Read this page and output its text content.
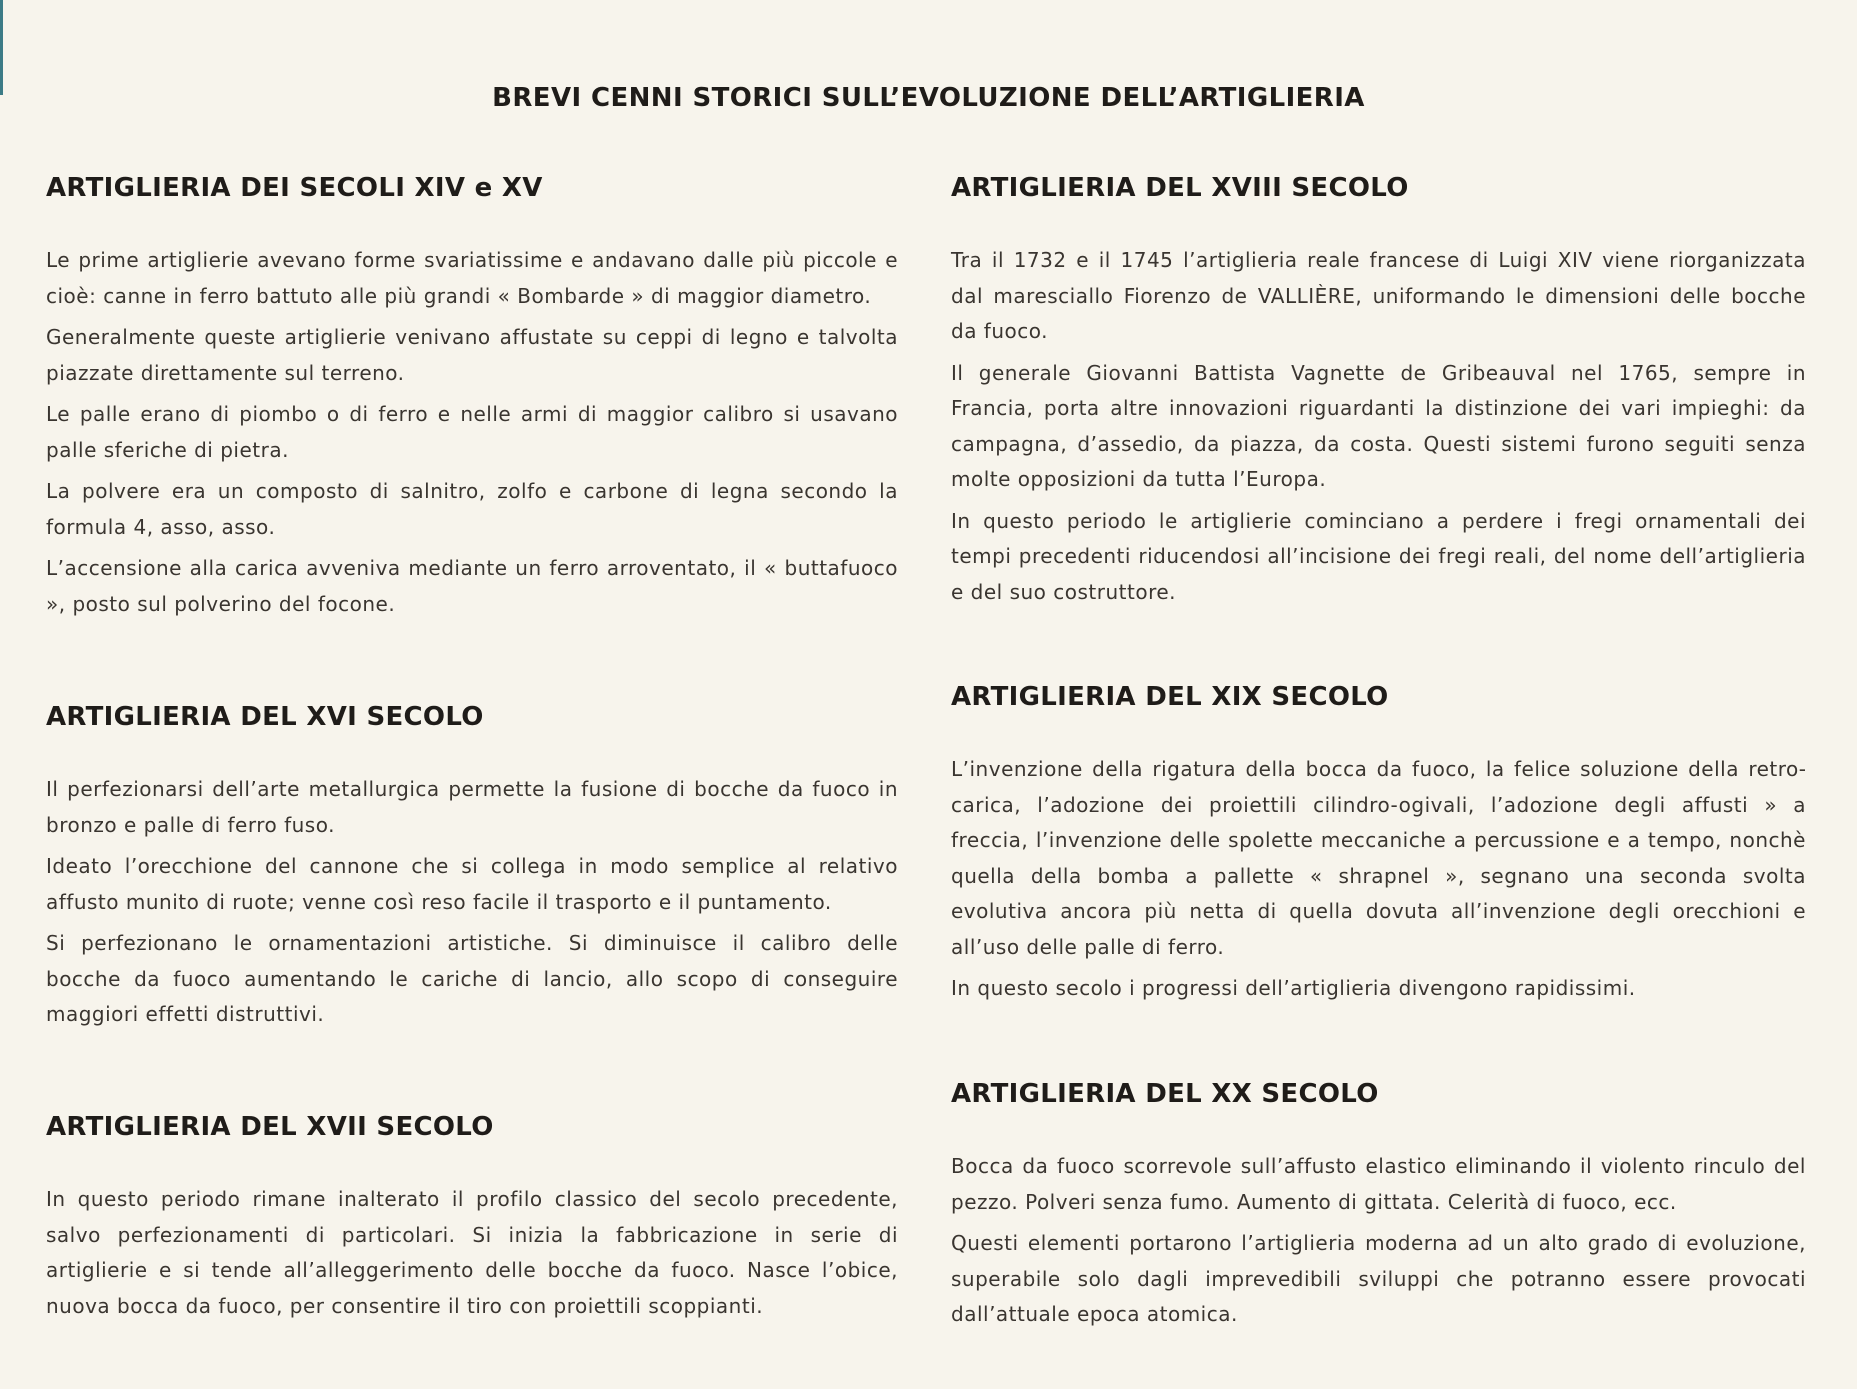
BREVI CENNI STORICI SULL’EVOLUZIONE DELL’ARTIGLIERIA
ARTIGLIERIA DEI SECOLI XIV e XV

Le prime artiglierie avevano forme svariatissime e andavano dalle più piccole e cioè: canne in ferro battuto alle più grandi « Bombarde » di maggior diametro.

Generalmente queste artiglierie venivano affustate su ceppi di legno e talvolta piazzate direttamente sul terreno.

Le palle erano di piombo o di ferro e nelle armi di maggior calibro si usavano palle sferiche di pietra.

La polvere era un composto di salnitro, zolfo e carbone di legna secondo la formula 4, asso, asso.

L’accensione alla carica avveniva mediante un ferro arroventato, il « buttafuoco », posto sul polverino del focone.

ARTIGLIERIA DEL XVI SECOLO

Il perfezionarsi dell’arte metallurgica permette la fusione di bocche da fuoco in bronzo e palle di ferro fuso.

Ideato l’orecchione del cannone che si collega in modo semplice al relativo affusto munito di ruote; venne così reso facile il trasporto e il puntamento.

Si perfezionano le ornamentazioni artistiche. Si diminuisce il calibro delle bocche da fuoco aumentando le cariche di lancio, allo scopo di conseguire maggiori effetti distruttivi.

ARTIGLIERIA DEL XVII SECOLO

In questo periodo rimane inalterato il profilo classico del secolo precedente, salvo perfezionamenti di particolari. Si inizia la fabbricazione in serie di artiglierie e si tende all’alleggerimento delle bocche da fuoco. Nasce l’obice, nuova bocca da fuoco, per consentire il tiro con proiettili scoppianti.

ARTIGLIERIA DEL XVIII SECOLO

Tra il 1732 e il 1745 l’artiglieria reale francese di Luigi XIV viene riorganizzata dal maresciallo Fiorenzo de VALLIÈRE, uniformando le dimensioni delle bocche da fuoco.

Il generale Giovanni Battista Vagnette de Gribeauval nel 1765, sempre in Francia, porta altre innovazioni riguardanti la distinzione dei vari impieghi: da campagna, d’assedio, da piazza, da costa. Questi sistemi furono seguiti senza molte opposizioni da tutta l’Europa.

In questo periodo le artiglierie cominciano a perdere i fregi ornamentali dei tempi precedenti riducendosi all’incisione dei fregi reali, del nome dell’artiglieria e del suo costruttore.

ARTIGLIERIA DEL XIX SECOLO

L’invenzione della rigatura della bocca da fuoco, la felice soluzione della retrocarica, l’adozione dei proiettili cilindro-ogivali, l’adozione degli affusti » a freccia, l’invenzione delle spolette meccaniche a percussione e a tempo, nonchè quella della bomba a pallette « shrapnel », segnano una seconda svolta evolutiva ancora più netta di quella dovuta all’invenzione degli orecchioni e all’uso delle palle di ferro.

In questo secolo i progressi dell’artiglieria divengono rapidissimi.

ARTIGLIERIA DEL XX SECOLO

Bocca da fuoco scorrevole sull’affusto elastico eliminando il violento rinculo del pezzo. Polveri senza fumo. Aumento di gittata. Celerità di fuoco, ecc.

Questi elementi portarono l’artiglieria moderna ad un alto grado di evoluzione, superabile solo dagli imprevedibili sviluppi che potranno essere provocati dall’attuale epoca atomica.
